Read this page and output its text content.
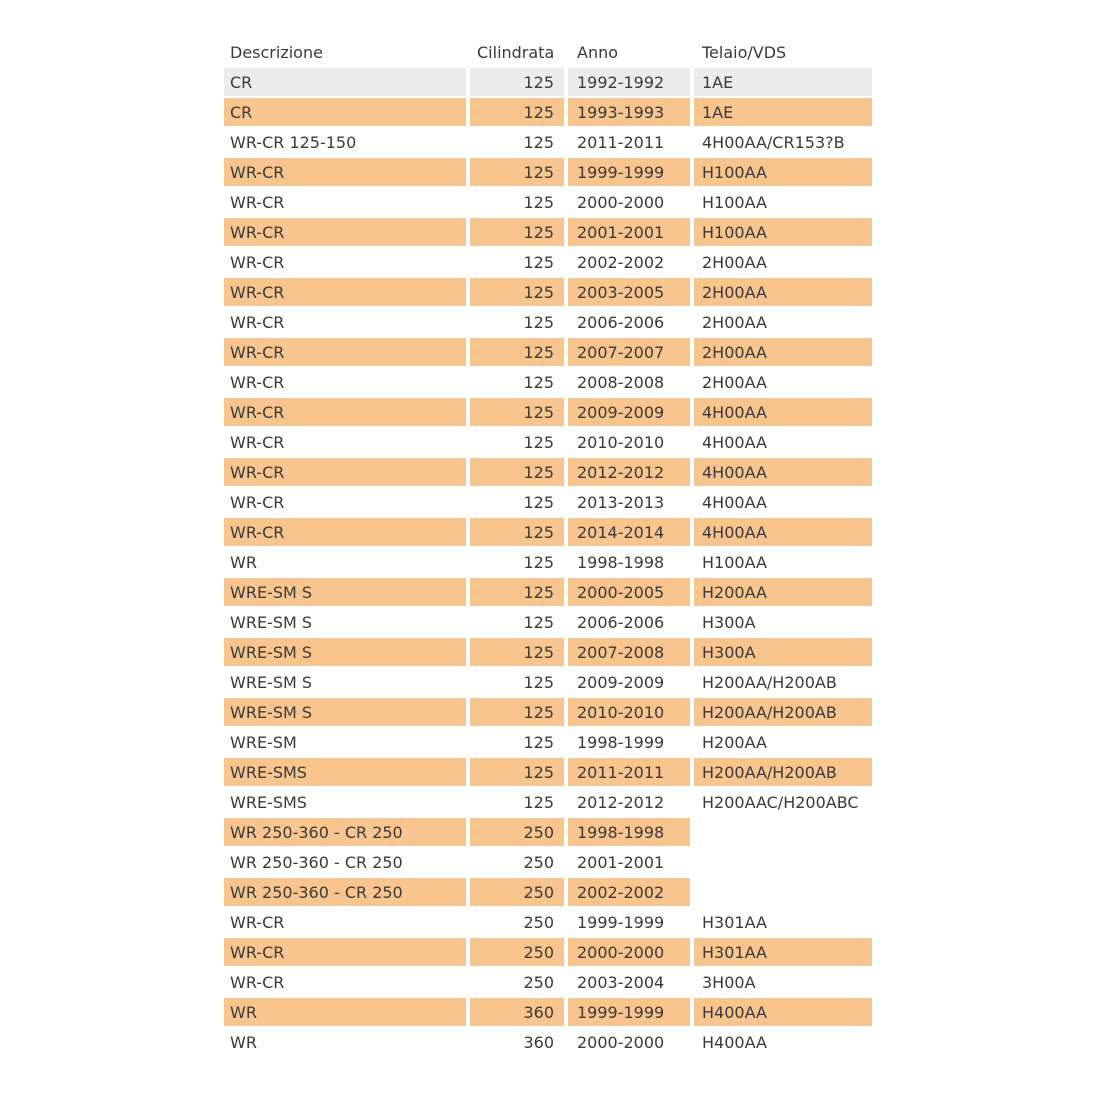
Descrizione	Cilindrata	Anno	Telaio/VDS
CR	125	1992-1992	1AE
CR	125	1993-1993	1AE
WR-CR 125-150	125	2011-2011	4H00AA/CR153?B
WR-CR	125	1999-1999	H100AA
WR-CR	125	2000-2000	H100AA
WR-CR	125	2001-2001	H100AA
WR-CR	125	2002-2002	2H00AA
WR-CR	125	2003-2005	2H00AA
WR-CR	125	2006-2006	2H00AA
WR-CR	125	2007-2007	2H00AA
WR-CR	125	2008-2008	2H00AA
WR-CR	125	2009-2009	4H00AA
WR-CR	125	2010-2010	4H00AA
WR-CR	125	2012-2012	4H00AA
WR-CR	125	2013-2013	4H00AA
WR-CR	125	2014-2014	4H00AA
WR	125	1998-1998	H100AA
WRE-SM S	125	2000-2005	H200AA
WRE-SM S	125	2006-2006	H300A
WRE-SM S	125	2007-2008	H300A
WRE-SM S	125	2009-2009	H200AA/H200AB
WRE-SM S	125	2010-2010	H200AA/H200AB
WRE-SM	125	1998-1999	H200AA
WRE-SMS	125	2011-2011	H200AA/H200AB
WRE-SMS	125	2012-2012	H200AAC/H200ABC
WR 250-360 - CR 250	250	1998-1998	
WR 250-360 - CR 250	250	2001-2001	
WR 250-360 - CR 250	250	2002-2002	
WR-CR	250	1999-1999	H301AA
WR-CR	250	2000-2000	H301AA
WR-CR	250	2003-2004	3H00A
WR	360	1999-1999	H400AA
WR	360	2000-2000	H400AA
